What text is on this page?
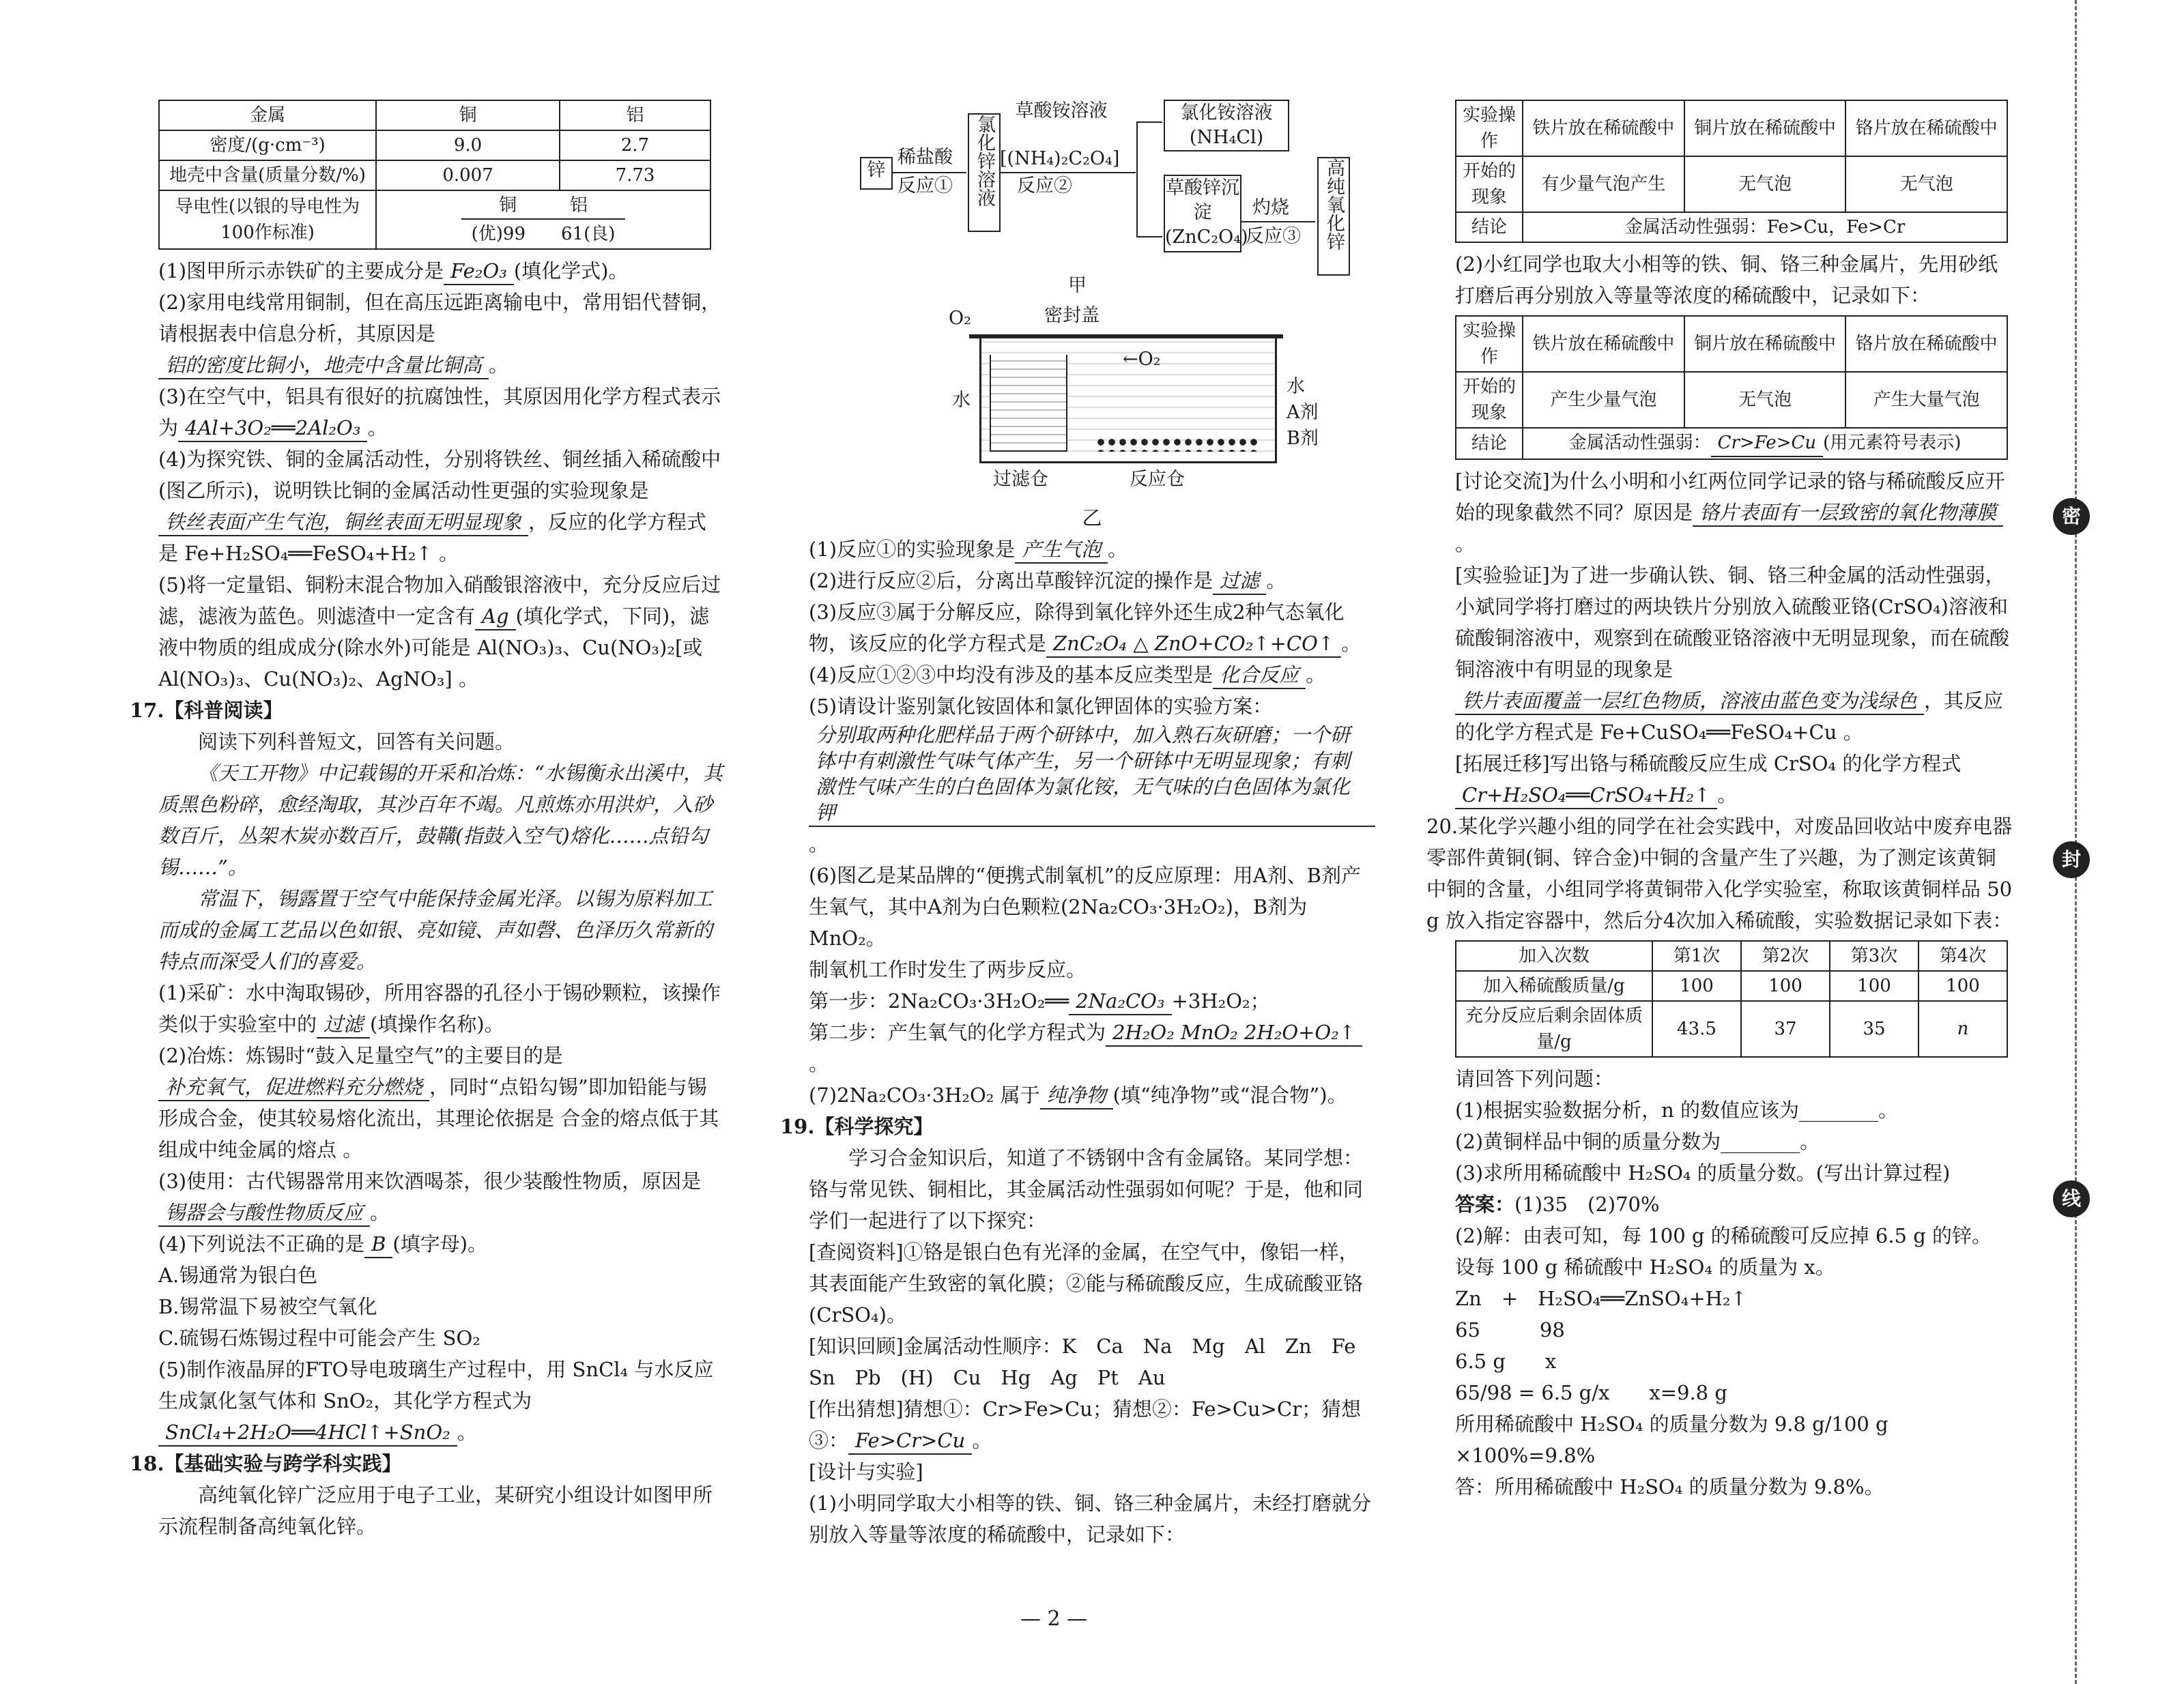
金属	铜	铝
密度/(g·cm⁻³)	9.0	2.7
地壳中含量(质量分数/%)	0.007	7.73
导电性(以银的导电性为100作标准)	铜　　　铝
(优)99　　61(良)	

(1)图甲所示赤铁矿的主要成分是 Fe₂O₃ (填化学式)。

(2)家用电线常用铜制，但在高压远距离输电中，常用铝代替铜，请根据表中信息分析，其原因是铝的密度比铜小，地壳中含量比铜高 。

(3)在空气中，铝具有很好的抗腐蚀性，其原因用化学方程式表示为 4Al+3O₂══2Al₂O₃ 。

(4)为探究铁、铜的金属活动性，分别将铁丝、铜丝插入稀硫酸中(图乙所示)，说明铁比铜的金属活动性更强的实验现象是铁丝表面产生气泡，铜丝表面无明显现象 ，反应的化学方程式是 Fe+H₂SO₄══FeSO₄+H₂↑ 。

(5)将一定量铝、铜粉末混合物加入硝酸银溶液中，充分反应后过滤，滤液为蓝色。则滤渣中一定含有 Ag (填化学式，下同)，滤液中物质的组成成分(除水外)可能是 Al(NO₃)₃、Cu(NO₃)₂[或 Al(NO₃)₃、Cu(NO₃)₂、AgNO₃] 。

17.【科普阅读】

阅读下列科普短文，回答有关问题。

《天工开物》中记载锡的开采和冶炼：“水锡衡永出溪中，其质黑色粉碎，愈经淘取，其沙百年不竭。凡煎炼亦用洪炉，入砂数百斤，丛架木炭亦数百斤，鼓鞲(指鼓入空气)熔化……点铅勾锡……”。

常温下，锡露置于空气中能保持金属光泽。以锡为原料加工而成的金属工艺品以色如银、亮如镜、声如磬、色泽历久常新的特点而深受人们的喜爱。

(1)采矿：水中淘取锡砂，所用容器的孔径小于锡砂颗粒，该操作类似于实验室中的 过滤 (填操作名称)。

(2)冶炼：炼锡时“鼓入足量空气”的主要目的是补充氧气，促进燃料充分燃烧 ，同时“点铅勾锡”即加铅能与锡形成合金，使其较易熔化流出，其理论依据是 合金的熔点低于其组成中纯金属的熔点 。

(3)使用：古代锡器常用来饮酒喝茶，很少装酸性物质，原因是锡器会与酸性物质反应 。

(4)下列说法不正确的是 B (填字母)。

A.锡通常为银白色

B.锡常温下易被空气氧化

C.硫锡石炼锡过程中可能会产生 SO₂

(5)制作液晶屏的FTO导电玻璃生产过程中，用 SnCl₄ 与水反应生成氯化氢气体和 SnO₂，其化学方程式为SnCl₄+2H₂O══4HCl↑+SnO₂ 。

18.【基础实验与跨学科实践】

高纯氧化锌广泛应用于电子工业，某研究小组设计如图甲所示流程制备高纯氧化锌。

锌
稀盐酸
反应①	氯化锌溶液
草酸铵溶液
[(NH₄)₂C₂O₄]
反应②
氯化铵溶液
(NH₄Cl)
草酸锌沉淀
(ZnC₂O₄)
灼烧
反应③	高纯氧化锌
甲
O₂	密封盖
←O₂
水
水
A剂
B剂
过滤仓	反应仓

乙

(1)反应①的实验现象是 产生气泡 。

(2)进行反应②后，分离出草酸锌沉淀的操作是 过滤 。

(3)反应③属于分解反应，除得到氧化锌外还生成2种气态氧化物，该反应的化学方程式是 ZnC₂O₄ △ ZnO+CO₂↑+CO↑ 。

(4)反应①②③中均没有涉及的基本反应类型是 化合反应 。

(5)请设计鉴别氯化铵固体和氯化钾固体的实验方案：分别取两种化肥样品于两个研钵中，加入熟石灰研磨；一个研钵中有刺激性气味气体产生，另一个研钵中无明显现象；有刺激性气味产生的白色固体为氯化铵，无气味的白色固体为氯化钾。

(6)图乙是某品牌的“便携式制氧机”的反应原理：用A剂、B剂产生氧气，其中A剂为白色颗粒(2Na₂CO₃·3H₂O₂)，B剂为 MnO₂。

制氧机工作时发生了两步反应。

第一步：2Na₂CO₃·3H₂O₂══ 2Na₂CO₃ +3H₂O₂；

第二步：产生氧气的化学方程式为 2H₂O₂ MnO₂ 2H₂O+O₂↑。

(7)2Na₂CO₃·3H₂O₂ 属于 纯净物 (填“纯净物”或“混合物”)。

19.【科学探究】

学习合金知识后，知道了不锈钢中含有金属铬。某同学想：铬与常见铁、铜相比，其金属活动性强弱如何呢？于是，他和同学们一起进行了以下探究：

[查阅资料]①铬是银白色有光泽的金属，在空气中，像铝一样，其表面能产生致密的氧化膜；②能与稀硫酸反应，生成硫酸亚铬(CrSO₄)。

[知识回顾]金属活动性顺序：K　Ca　Na　Mg　Al　Zn　Fe　Sn　Pb　(H)　Cu　Hg　Ag　Pt　Au

[作出猜想]猜想①：Cr>Fe>Cu；猜想②：Fe>Cu>Cr；猜想③： Fe>Cr>Cu 。

[设计与实验]

(1)小明同学取大小相等的铁、铜、铬三种金属片，未经打磨就分别放入等量等浓度的稀硫酸中，记录如下：

实验操作	铁片放在稀硫酸中	铜片放在稀硫酸中	铬片放在稀硫酸中
开始的现象	有少量气泡产生	无气泡	无气泡
结论	金属活动性强弱：Fe>Cu，Fe>Cr		

(2)小红同学也取大小相等的铁、铜、铬三种金属片，先用砂纸打磨后再分别放入等量等浓度的稀硫酸中，记录如下：

实验操作	铁片放在稀硫酸中	铜片放在稀硫酸中	铬片放在稀硫酸中
开始的现象	产生少量气泡	无气泡	产生大量气泡
结论	金属活动性强弱： Cr>Fe>Cu (用元素符号表示)		

[讨论交流]为什么小明和小红两位同学记录的铬与稀硫酸反应开始的现象截然不同？原因是 铬片表面有一层致密的氧化物薄膜。

[实验验证]为了进一步确认铁、铜、铬三种金属的活动性强弱，小斌同学将打磨过的两块铁片分别放入硫酸亚铬(CrSO₄)溶液和硫酸铜溶液中，观察到在硫酸亚铬溶液中无明显现象，而在硫酸铜溶液中有明显的现象是铁片表面覆盖一层红色物质，溶液由蓝色变为浅绿色 ，其反应的化学方程式是 Fe+CuSO₄══FeSO₄+Cu 。

[拓展迁移]写出铬与稀硫酸反应生成 CrSO₄ 的化学方程式Cr+H₂SO₄══CrSO₄+H₂↑ 。

20.某化学兴趣小组的同学在社会实践中，对废品回收站中废弃电器零部件黄铜(铜、锌合金)中铜的含量产生了兴趣，为了测定该黄铜中铜的含量，小组同学将黄铜带入化学实验室，称取该黄铜样品 50 g 放入指定容器中，然后分4次加入稀硫酸，实验数据记录如下表：

加入次数	第1次	第2次	第3次	第4次
加入稀硫酸质量/g	100	100	100	100
充分反应后剩余固体质量/g	43.5	37	35	n

请回答下列问题：

(1)根据实验数据分析，n 的数值应该为________。

(2)黄铜样品中铜的质量分数为________。

(3)求所用稀硫酸中 H₂SO₄ 的质量分数。(写出计算过程)

答案：(1)35　(2)70%

(2)解：由表可知，每 100 g 的稀硫酸可反应掉 6.5 g 的锌。

设每 100 g 稀硫酸中 H₂SO₄ 的质量为 x。

Zn　+　H₂SO₄══ZnSO₄+H₂↑

65　　　98

6.5 g　　x

65/98 = 6.5 g/x　　x=9.8 g

所用稀硫酸中 H₂SO₄ 的质量分数为 9.8 g/100 g ×100%=9.8%

答：所用稀硫酸中 H₂SO₄ 的质量分数为 9.8%。

— 2 —
密
封
线
